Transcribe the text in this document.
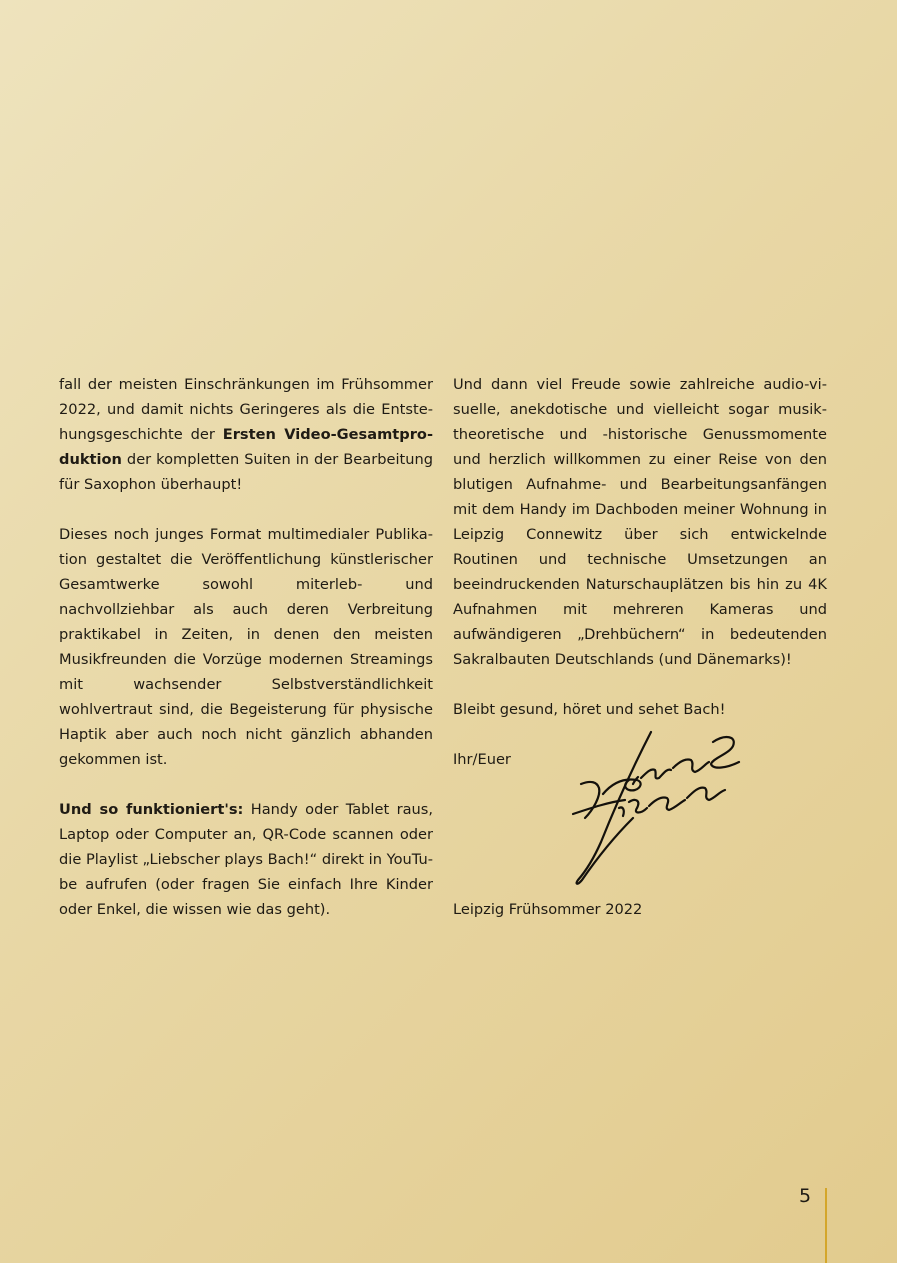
fall der meisten Einschränkungen im Frühsommer 2022, und damit nichts Geringeres als die Entstehungsgeschichte der Ersten Video-Gesamtproduktion der kompletten Suiten in der Bearbeitung für Saxophon überhaupt!

Dieses noch junges Format multimedialer Publikation gestaltet die Veröffentlichung künstlerischer Gesamtwerke sowohl miterleb- und nachvollziehbar als auch deren Verbreitung praktikabel in Zeiten, in denen den meisten Musikfreunden die Vorzüge modernen Streamings mit wachsender Selbstverständlichkeit wohlvertraut sind, die Begeisterung für physische Haptik aber auch noch nicht gänzlich abhanden gekommen ist.

Und so funktioniert's: Handy oder Tablet raus, Laptop oder Computer an, QR-Code scannen oder die Playlist „Liebscher plays Bach!“ direkt in YouTube aufrufen (oder fragen Sie einfach Ihre Kinder oder Enkel, die wissen wie das geht).

Und dann viel Freude sowie zahlreiche audio-visuelle, anekdotische und vielleicht sogar musiktheoretische und -historische Genussmomente und herzlich willkommen zu einer Reise von den blutigen Aufnahme- und Bearbeitungsanfängen mit dem Handy im Dachboden meiner Wohnung in Leipzig Connewitz über sich entwickelnde Routinen und technische Umsetzungen an beeindruckenden Naturschauplätzen bis hin zu 4K Aufnahmen mit mehreren Kameras und aufwändigeren „Drehbüchern“ in bedeutenden Sakralbauten Deutschlands (und Dänemarks)!

Bleibt gesund, höret und sehet Bach!

Ihr/Euer

Leipzig Frühsommer 2022

5
